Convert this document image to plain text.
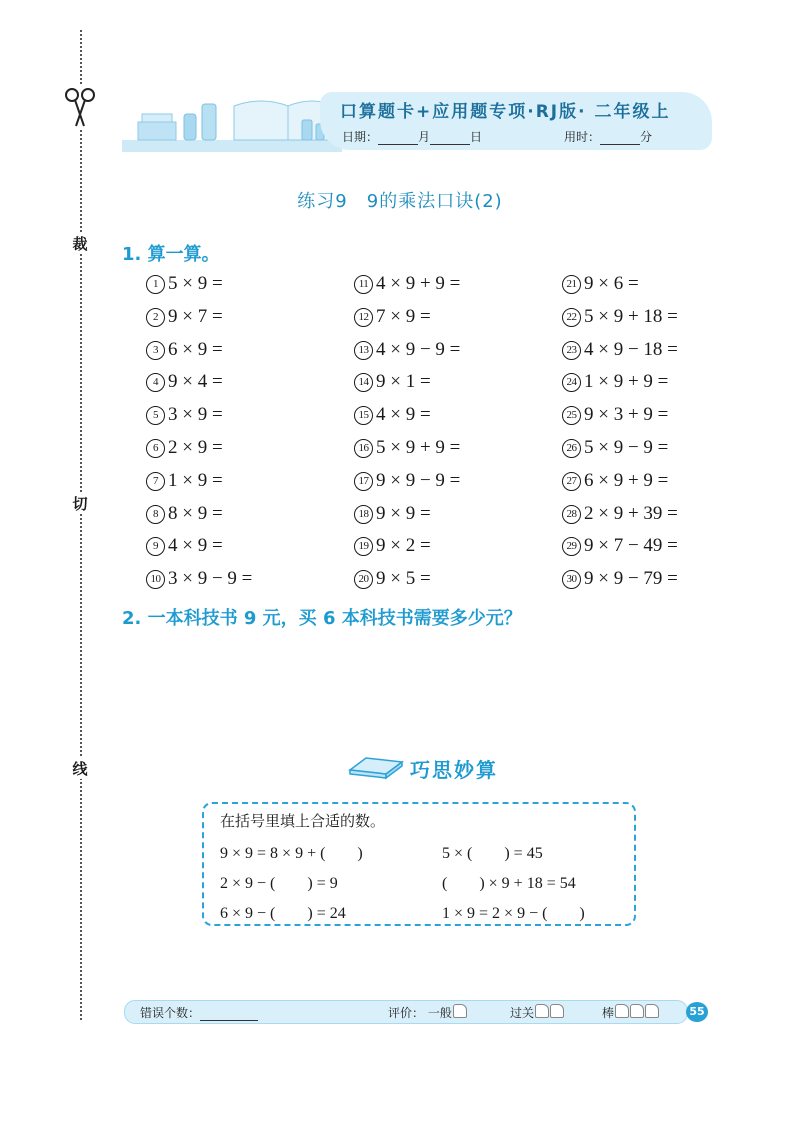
裁
切
线
口算题卡+应用题专项·RJ版· 二年级上
日期：	月	日	用时：	分
练习9　9的乘法口诀(2)
1. 算一算。
1 5 × 9 =
2 9 × 7 =
3 6 × 9 =
4 9 × 4 =
5 3 × 9 =
6 2 × 9 =
7 1 × 9 =
8 8 × 9 =
9 4 × 9 =
10 3 × 9 − 9 =
11 4 × 9 + 9 =
12 7 × 9 =
13 4 × 9 − 9 =
14 9 × 1 =
15 4 × 9 =
16 5 × 9 + 9 =
17 9 × 9 − 9 =
18 9 × 9 =
19 9 × 2 =
20 9 × 5 =
21 9 × 6 =
22 5 × 9 + 18 =
23 4 × 9 − 18 =
24 1 × 9 + 9 =
25 9 × 3 + 9 =
26 5 × 9 − 9 =
27 6 × 9 + 9 =
28 2 × 9 + 39 =
29 9 × 7 − 49 =
30 9 × 9 − 79 =
2. 一本科技书 9 元，买 6 本科技书需要多少元？
巧思妙算
在括号里填上合适的数。
9 × 9 = 8 × 9 + (　　)	5 × (　　) = 45
2 × 9 − (　　) = 9	(　　) × 9 + 18 = 54
6 × 9 − (　　) = 24	1 × 9 = 2 × 9 − (　　)
错误个数：	评价： 一般	过关	棒	55
